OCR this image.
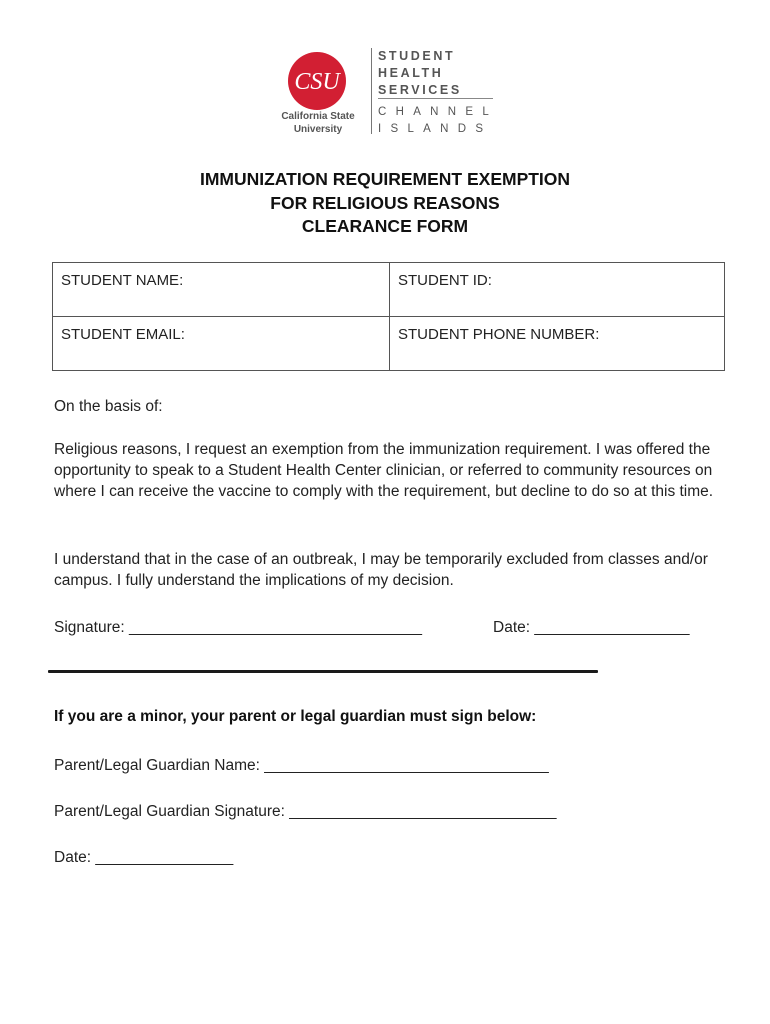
CSU
California State
University
STUDENT
HEALTH
SERVICES
CHANNEL
ISLANDS
IMMUNIZATION REQUIREMENT EXEMPTION
FOR RELIGIOUS REASONS
CLEARANCE FORM
STUDENT NAME:	STUDENT ID:
STUDENT EMAIL:	STUDENT PHONE NUMBER:
On the basis of:
Religious reasons, I request an exemption from the immunization requirement. I was offered the opportunity to speak to a Student Health Center clinician, or referred to community resources on where I can receive the vaccine to comply with the requirement, but decline to do so at this time.
I understand that in the case of an outbreak, I may be temporarily excluded from classes and/or campus. I fully understand the implications of my decision.
Signature: __________________________________	Date: __________________
If you are a minor, your parent or legal guardian must sign below:
Parent/Legal Guardian Name: _________________________________
Parent/Legal Guardian Signature: _______________________________
Date: ________________
